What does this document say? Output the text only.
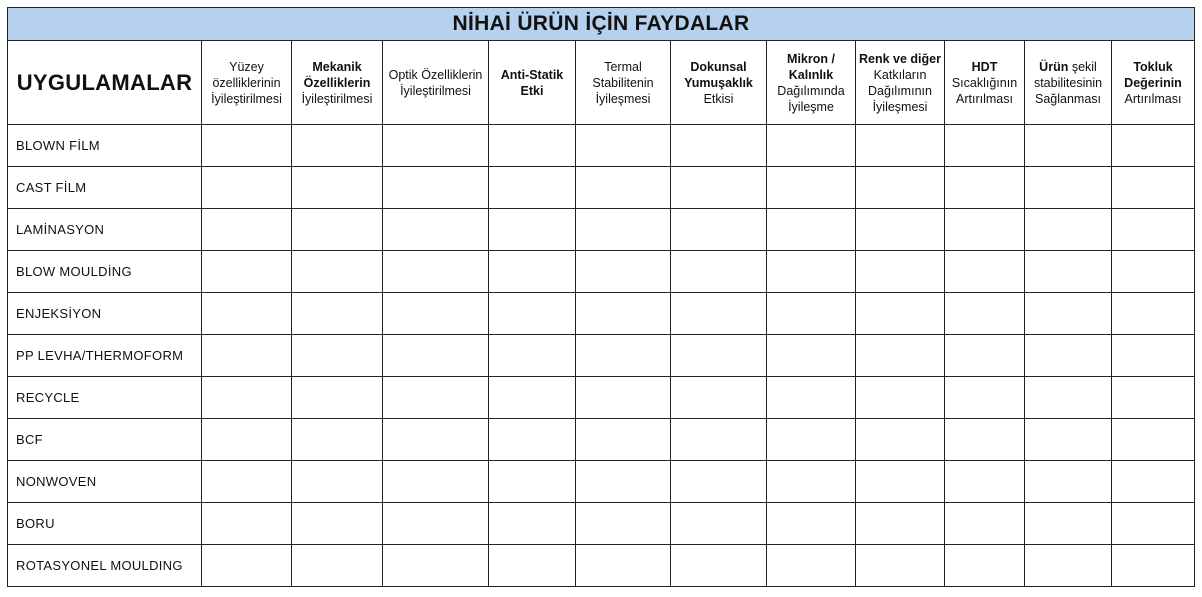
NİHAİ ÜRÜN İÇİN FAYDALAR											
UYGULAMALAR	Yüzey özelliklerinin İyileştirilmesi	Mekanik Özelliklerin İyileştirilmesi	Optik Özelliklerin İyileştirilmesi	Anti-Statik Etki	Termal Stabilitenin İyileşmesi	Dokunsal Yumuşaklık Etkisi	Mikron / Kalınlık Dağılımında İyileşme	Renk ve diğer Katkıların Dağılımının İyileşmesi	HDT Sıcaklığının Artırılması	Ürün şekil stabilitesinin Sağlanması	Tokluk Değerinin Artırılması
BLOWN FİLM											
CAST FİLM											
LAMİNASYON											
BLOW MOULDİNG											
ENJEKSİYON											
PP LEVHA/THERMOFORM											
RECYCLE											
BCF											
NONWOVEN											
BORU											
ROTASYONEL MOULDING											
